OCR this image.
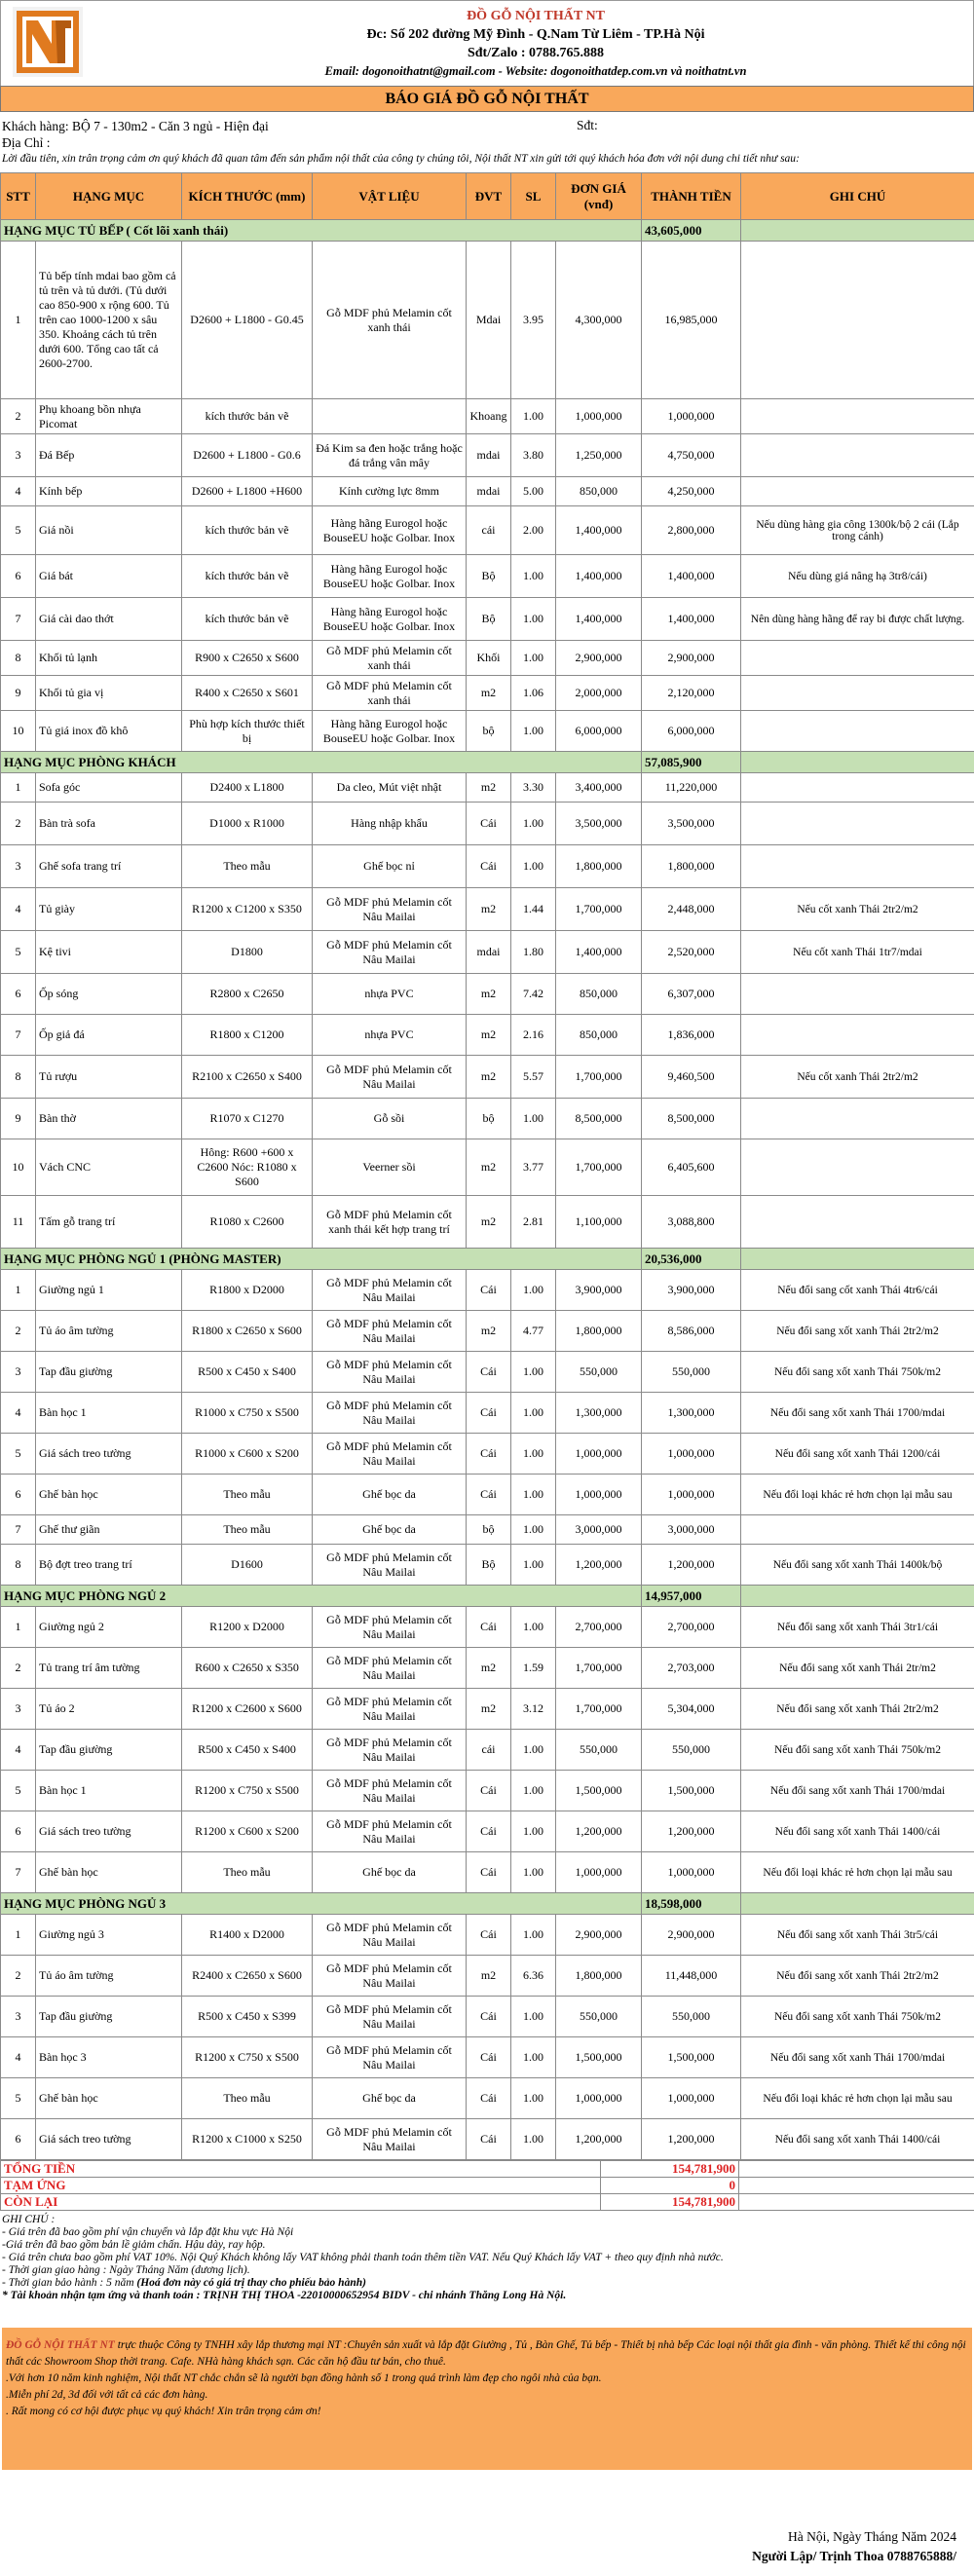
ĐỒ GỖ NỘI THẤT NT
Đc: Số 202 đường Mỹ Đình - Q.Nam Từ Liêm - TP.Hà Nội
Sđt/Zalo : 0788.765.888
Email: dogonoithatnt@gmail.com - Website: dogonoithatdep.com.vn và noithatnt.vn
BÁO GIÁ ĐỒ GỖ NỘI THẤT
Khách hàng: BỘ 7 - 130m2 - Căn 3 ngủ - Hiện đại	Sđt:
Địa Chỉ :
Lời đầu tiên, xin trân trọng cảm ơn quý khách đã quan tâm đến sản phẩm nội thất của công ty chúng tôi, Nội thất NT xin gửi tới quý khách hóa đơn với nội dung chi tiết như sau:
STT	HẠNG MỤC	KÍCH THƯỚC (mm)	VẬT LIỆU	ĐVT	SL	ĐƠN GIÁ (vnđ)	THÀNH TIỀN	GHI CHÚ
HẠNG MỤC TỦ BẾP ( Cốt lõi xanh thái)							43,605,000	
1	Tủ bếp tính mdai bao gồm cả tủ trên và tủ dưới. (Tủ dưới cao 850-900 x rộng 600. Tủ trên cao 1000-1200 x sâu 350. Khoảng cách tủ trên dưới 600. Tổng cao tất cả 2600-2700.	D2600 + L1800 - G0.45	Gỗ MDF phủ Melamin cốt xanh thái	Mdai	3.95	4,300,000	16,985,000	
2	Phụ khoang bồn nhựa Picomat	kích thước bản vẽ		Khoang	1.00	1,000,000	1,000,000	
3	Đá Bếp	D2600 + L1800 - G0.6	Đá Kim sa đen hoặc trắng hoặc đá trắng vân mây	mdai	3.80	1,250,000	4,750,000	
4	Kính bếp	D2600 + L1800 +H600	Kính cường lực 8mm	mdai	5.00	850,000	4,250,000	
5	Giá nồi	kích thước bản vẽ	Hàng hãng Eurogol hoặc BouseEU hoặc Golbar. Inox	cái	2.00	1,400,000	2,800,000	Nếu dùng hàng gia công 1300k/bộ 2 cái (Lắp trong cánh)
6	Giá bát	kích thước bản vẽ	Hàng hãng Eurogol hoặc BouseEU hoặc Golbar. Inox	Bộ	1.00	1,400,000	1,400,000	Nếu dùng giá nâng hạ 3tr8/cái)
7	Giá cài dao thớt	kích thước bản vẽ	Hàng hãng Eurogol hoặc BouseEU hoặc Golbar. Inox	Bộ	1.00	1,400,000	1,400,000	Nên dùng hàng hãng để ray bi được chất lượng.
8	Khối tủ lạnh	R900 x C2650 x S600	Gỗ MDF phủ Melamin cốt xanh thái	Khối	1.00	2,900,000	2,900,000	
9	Khối tủ gia vị	R400 x C2650 x S601	Gỗ MDF phủ Melamin cốt xanh thái	m2	1.06	2,000,000	2,120,000	
10	Tủ giá inox đồ khô	Phù hợp kích thước thiết bị	Hàng hãng Eurogol hoặc BouseEU hoặc Golbar. Inox	bộ	1.00	6,000,000	6,000,000	
HẠNG MỤC PHÒNG KHÁCH							57,085,900	
1	Sofa góc	D2400 x L1800	Da cleo, Mút việt nhật	m2	3.30	3,400,000	11,220,000	
2	Bàn trà sofa	D1000 x R1000	Hàng nhập khẩu	Cái	1.00	3,500,000	3,500,000	
3	Ghế sofa trang trí	Theo mẫu	Ghế bọc nỉ	Cái	1.00	1,800,000	1,800,000	
4	Tủ giày	R1200 x C1200 x S350	Gỗ MDF phủ Melamin cốt Nâu Mailai	m2	1.44	1,700,000	2,448,000	Nếu cốt xanh Thái 2tr2/m2
5	Kệ tivi	D1800	Gỗ MDF phủ Melamin cốt Nâu Mailai	mdai	1.80	1,400,000	2,520,000	Nếu cốt xanh Thái 1tr7/mdai
6	Ốp sóng	R2800 x C2650	nhựa PVC	m2	7.42	850,000	6,307,000	
7	Ốp giả đá	R1800 x C1200	nhựa PVC	m2	2.16	850,000	1,836,000	
8	Tủ rượu	R2100 x C2650 x S400	Gỗ MDF phủ Melamin cốt Nâu Mailai	m2	5.57	1,700,000	9,460,500	Nếu cốt xanh Thái 2tr2/m2
9	Bàn thờ	R1070 x C1270	Gỗ sồi	bộ	1.00	8,500,000	8,500,000	
10	Vách CNC	Hông: R600 +600 x C2600 Nóc: R1080 x S600	Veerner sồi	m2	3.77	1,700,000	6,405,600	
11	Tấm gỗ trang trí	R1080 x C2600	Gỗ MDF phủ Melamin cốt xanh thái kết hợp trang trí	m2	2.81	1,100,000	3,088,800	
HẠNG MỤC PHÒNG NGỦ 1 (PHÒNG MASTER)							20,536,000	
1	Giường ngủ 1	R1800 x D2000	Gỗ MDF phủ Melamin cốt Nâu Mailai	Cái	1.00	3,900,000	3,900,000	Nếu đổi sang cốt xanh Thái 4tr6/cái
2	Tủ áo âm tường	R1800 x C2650 x S600	Gỗ MDF phủ Melamin cốt Nâu Mailai	m2	4.77	1,800,000	8,586,000	Nếu đổi sang xốt xanh Thái 2tr2/m2
3	Tap đầu giường	R500 x C450 x S400	Gỗ MDF phủ Melamin cốt Nâu Mailai	Cái	1.00	550,000	550,000	Nếu đổi sang xốt xanh Thái 750k/m2
4	Bàn học 1	R1000 x C750 x S500	Gỗ MDF phủ Melamin cốt Nâu Mailai	Cái	1.00	1,300,000	1,300,000	Nếu đổi sang xốt xanh Thái 1700/mdai
5	Giá sách treo tường	R1000 x C600 x S200	Gỗ MDF phủ Melamin cốt Nâu Mailai	Cái	1.00	1,000,000	1,000,000	Nếu đổi sang xốt xanh Thái 1200/cái
6	Ghế bàn học	Theo mẫu	Ghế bọc da	Cái	1.00	1,000,000	1,000,000	Nếu đổi loại khác rẻ hơn chọn lại mẫu sau
7	Ghế thư giãn	Theo mẫu	Ghế bọc da	bộ	1.00	3,000,000	3,000,000	
8	Bộ đợt treo trang trí	D1600	Gỗ MDF phủ Melamin cốt Nâu Mailai	Bộ	1.00	1,200,000	1,200,000	Nếu đổi sang xốt xanh Thái 1400k/bộ
HẠNG MỤC PHÒNG NGỦ 2							14,957,000	
1	Giường ngủ 2	R1200 x D2000	Gỗ MDF phủ Melamin cốt Nâu Mailai	Cái	1.00	2,700,000	2,700,000	Nếu đổi sang xốt xanh Thái 3tr1/cái
2	Tủ trang trí âm tường	R600 x C2650 x S350	Gỗ MDF phủ Melamin cốt Nâu Mailai	m2	1.59	1,700,000	2,703,000	Nếu đổi sang xốt xanh Thái 2tr/m2
3	Tủ áo 2	R1200 x C2600 x S600	Gỗ MDF phủ Melamin cốt Nâu Mailai	m2	3.12	1,700,000	5,304,000	Nếu đổi sang xốt xanh Thái 2tr2/m2
4	Tap đầu giường	R500 x C450 x S400	Gỗ MDF phủ Melamin cốt Nâu Mailai	cái	1.00	550,000	550,000	Nếu đổi sang xốt xanh Thái 750k/m2
5	Bàn học 1	R1200 x C750 x S500	Gỗ MDF phủ Melamin cốt Nâu Mailai	Cái	1.00	1,500,000	1,500,000	Nếu đổi sang xốt xanh Thái 1700/mdai
6	Giá sách treo tường	R1200 x C600 x S200	Gỗ MDF phủ Melamin cốt Nâu Mailai	Cái	1.00	1,200,000	1,200,000	Nếu đổi sang xốt xanh Thái 1400/cái
7	Ghế bàn học	Theo mẫu	Ghế bọc da	Cái	1.00	1,000,000	1,000,000	Nếu đổi loại khác rẻ hơn chọn lại mẫu sau
HẠNG MỤC PHÒNG NGỦ 3							18,598,000	
1	Giường ngủ 3	R1400 x D2000	Gỗ MDF phủ Melamin cốt Nâu Mailai	Cái	1.00	2,900,000	2,900,000	Nếu đổi sang xốt xanh Thái 3tr5/cái
2	Tủ áo âm tường	R2400 x C2650 x S600	Gỗ MDF phủ Melamin cốt Nâu Mailai	m2	6.36	1,800,000	11,448,000	Nếu đổi sang xốt xanh Thái 2tr2/m2
3	Tap đầu giường	R500 x C450 x S399	Gỗ MDF phủ Melamin cốt Nâu Mailai	Cái	1.00	550,000	550,000	Nếu đổi sang xốt xanh Thái 750k/m2
4	Bàn học 3	R1200 x C750 x S500	Gỗ MDF phủ Melamin cốt Nâu Mailai	Cái	1.00	1,500,000	1,500,000	Nếu đổi sang xốt xanh Thái 1700/mdai
5	Ghế bàn học	Theo mẫu	Ghế bọc da	Cái	1.00	1,000,000	1,000,000	Nếu đổi loại khác rẻ hơn chọn lại mẫu sau
6	Giá sách treo tường	R1200 x C1000 x S250	Gỗ MDF phủ Melamin cốt Nâu Mailai	Cái	1.00	1,200,000	1,200,000	Nếu đổi sang xốt xanh Thái 1400/cái
TỔNG TIỀN	154,781,900	
TẠM ỨNG	0	
CÒN LẠI	154,781,900	
GHI CHÚ :
- Giá trên đã bao gồm phí vận chuyển và lắp đặt khu vực Hà Nội
-Giá trên đã bao gồm bản lề giảm chấn. Hậu dày, ray hộp.
- Giá trên chưa bao gồm phí VAT 10%. Nội Quý Khách không lấy VAT không phải thanh toán thêm tiền VAT. Nếu Quý Khách lấy VAT + theo quy định nhà nước.
- Thời gian giao hàng : Ngày Tháng Năm (dương lịch).
- Thời gian bảo hành : 5 năm (Hoá đơn này có giá trị thay cho phiếu bảo hành)
* Tài khoản nhận tạm ứng và thanh toán : TRỊNH THỊ THOA -22010000652954 BIDV - chi nhánh Thăng Long Hà Nội.
ĐỒ GỖ NỘI THẤT NT trực thuộc Công ty TNHH xây lắp thương mại NT :Chuyên sản xuất và lắp đặt Giường , Tủ , Bàn Ghế, Tủ bếp - Thiết bị nhà bếp Các loại nội thất gia đình - văn phòng. Thiết kế thi công nội thất các Showroom Shop thời trang. Cafe. NHà hàng khách sạn. Các căn hộ đầu tư bán, cho thuê.
.Với hơn 10 năm kinh nghiệm, Nội thất NT chắc chắn sẽ là người bạn đồng hành số 1 trong quá trình làm đẹp cho ngôi nhà của bạn.
.Miễn phí 2d, 3d đối với tất cả các đơn hàng.
. Rất mong có cơ hội được phục vụ quý khách! Xin trân trọng cảm ơn!
Hà Nội, Ngày Tháng Năm 2024
Người Lập/ Trịnh Thoa 0788765888/
